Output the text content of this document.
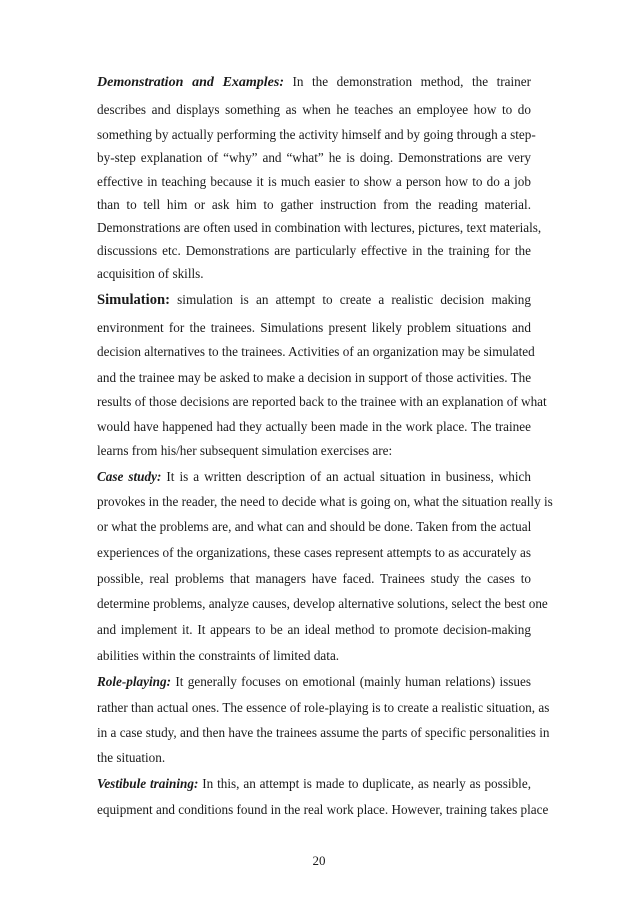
Demonstration and Examples: In the demonstration method, the trainer
describes and displays something as when he teaches an employee how to do
something by actually performing the activity himself and by going through a step-
by-step explanation of “why” and “what” he is doing. Demonstrations are very
effective in teaching because it is much easier to show a person how to do a job
than to tell him or ask him to gather instruction from the reading material.
Demonstrations are often used in combination with lectures, pictures, text materials,
discussions etc. Demonstrations are particularly effective in the training for the
acquisition of skills.
Simulation: simulation is an attempt to create a realistic decision making
environment for the trainees. Simulations present likely problem situations and
decision alternatives to the trainees. Activities of an organization may be simulated
and the trainee may be asked to make a decision in support of those activities. The
results of those decisions are reported back to the trainee with an explanation of what
would have happened had they actually been made in the work place. The trainee
learns from his/her subsequent simulation exercises are:
Case study: It is a written description of an actual situation in business, which
provokes in the reader, the need to decide what is going on, what the situation really is
or what the problems are, and what can and should be done. Taken from the actual
experiences of the organizations, these cases represent attempts to as accurately as
possible, real problems that managers have faced. Trainees study the cases to
determine problems, analyze causes, develop alternative solutions, select the best one
and implement it. It appears to be an ideal method to promote decision-making
abilities within the constraints of limited data.
Role-playing: It generally focuses on emotional (mainly human relations) issues
rather than actual ones. The essence of role-playing is to create a realistic situation, as
in a case study, and then have the trainees assume the parts of specific personalities in
the situation.
Vestibule training: In this, an attempt is made to duplicate, as nearly as possible,
equipment and conditions found in the real work place. However, training takes place
20
